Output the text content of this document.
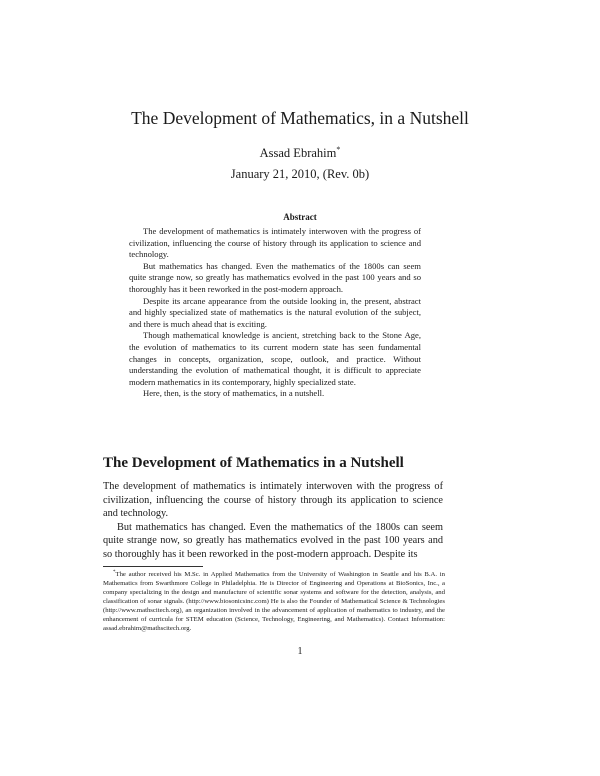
The Development of Mathematics, in a Nutshell
Assad Ebrahim*
January 21, 2010, (Rev. 0b)
Abstract

The development of mathematics is intimately interwoven with the progress of civilization, influencing the course of history through its application to science and technology.

But mathematics has changed. Even the mathematics of the 1800s can seem quite strange now, so greatly has mathematics evolved in the past 100 years and so thoroughly has it been reworked in the post-modern approach.

Despite its arcane appearance from the outside looking in, the present, abstract and highly specialized state of mathematics is the natural evolution of the subject, and there is much ahead that is exciting.

Though mathematical knowledge is ancient, stretching back to the Stone Age, the evolution of mathematics to its current modern state has seen fundamental changes in concepts, organization, scope, outlook, and practice. Without understanding the evolution of mathematical thought, it is difficult to appreciate modern mathematics in its contemporary, highly specialized state.

Here, then, is the story of mathematics, in a nutshell.

The Development of Mathematics in a Nutshell

The development of mathematics is intimately interwoven with the progress of civilization, influencing the course of history through its application to science and technology.

But mathematics has changed. Even the mathematics of the 1800s can seem quite strange now, so greatly has mathematics evolved in the past 100 years and so thoroughly has it been reworked in the post-modern approach. Despite its

*The author received his M.Sc. in Applied Mathematics from the University of Washington in Seattle and his B.A. in Mathematics from Swarthmore College in Philadelphia. He is Director of Engineering and Operations at BioSonics, Inc., a company specializing in the design and manufacture of scientific sonar systems and software for the detection, analysis, and classification of sonar signals. (http://www.biosonicsinc.com) He is also the Founder of Mathematical Science & Technologies (http://www.mathscitech.org), an organization involved in the advancement of application of mathematics to industry, and the enhancement of curricula for STEM education (Science, Technology, Engineering, and Mathematics). Contact Information: assad.ebrahim@mathscitech.org.

1
